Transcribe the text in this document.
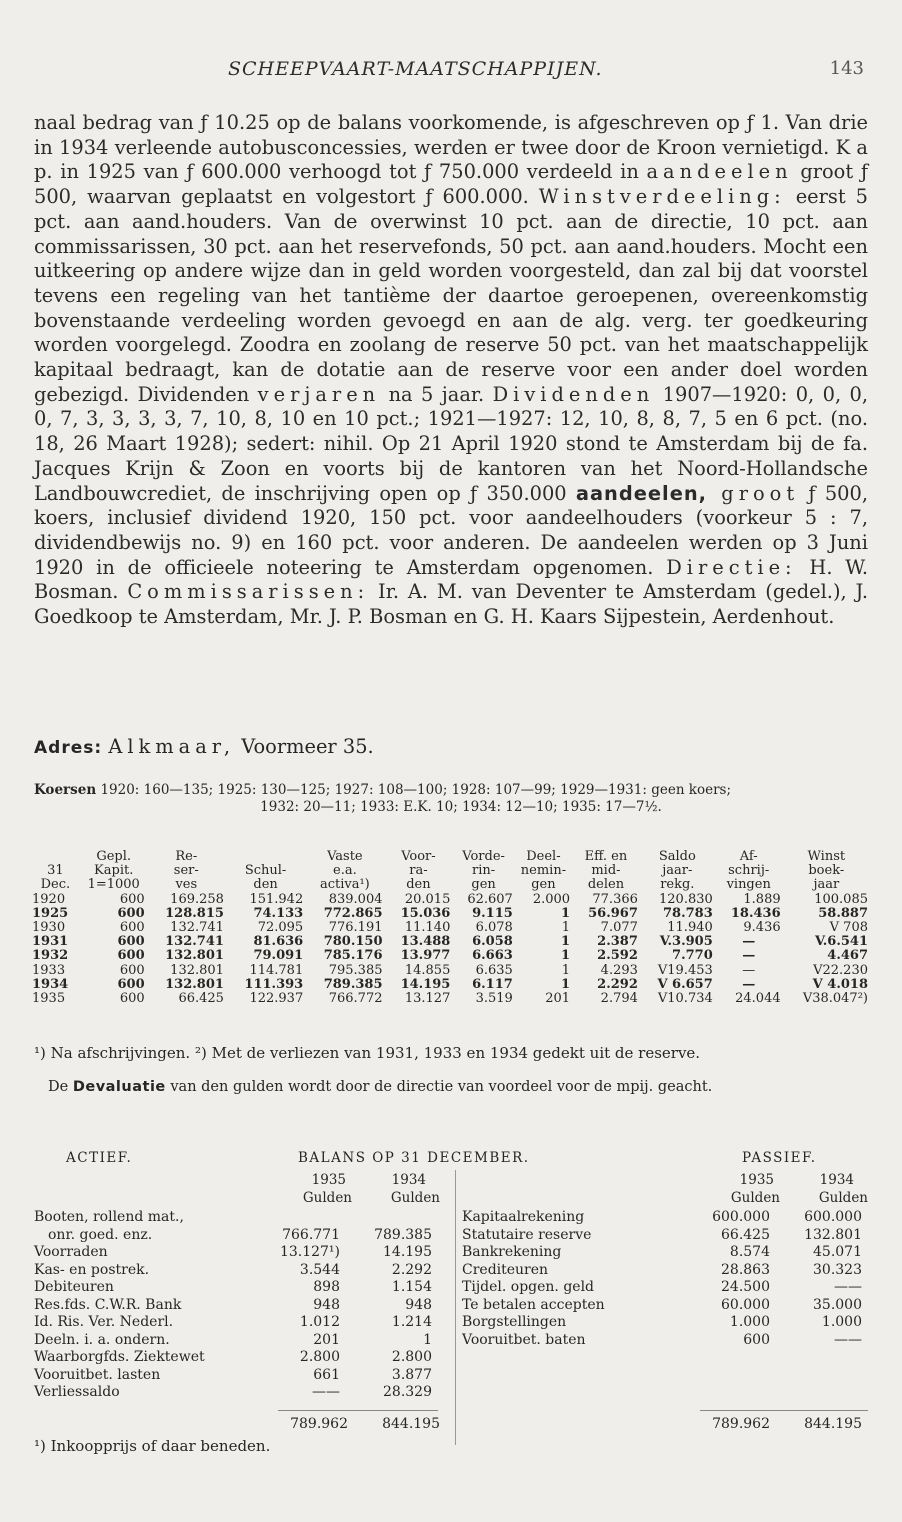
SCHEEPVAART-MAATSCHAPPIJEN.	143

naal bedrag van ƒ 10.25 op de balans voorkomende, is afgeschreven op ƒ 1. Van drie in 1934 verleende autobusconcessies, werden er twee door de Kroon vernietigd. K a p. in 1925 van ƒ 600.000 verhoogd tot ƒ 750.000 verdeeld in aandeelen groot ƒ 500, waarvan geplaatst en volgestort ƒ 600.000. Winstverdeeling: eerst 5 pct. aan aand.houders. Van de overwinst 10 pct. aan de directie, 10 pct. aan commissarissen, 30 pct. aan het reservefonds, 50 pct. aan aand.houders. Mocht een uitkeering op andere wijze dan in geld worden voorgesteld, dan zal bij dat voorstel tevens een regeling van het tantième der daartoe geroepenen, overeenkomstig bovenstaande verdeeling worden gevoegd en aan de alg. verg. ter goedkeuring worden voorgelegd. Zoodra en zoolang de reserve 50 pct. van het maatschappelijk kapitaal bedraagt, kan de dotatie aan de reserve voor een ander doel worden gebezigd. Dividenden verjaren na 5 jaar. Dividenden 1907—1920: 0, 0, 0, 0, 7, 3, 3, 3, 3, 7, 10, 8, 10 en 10 pct.; 1921—1927: 12, 10, 8, 8, 7, 5 en 6 pct. (no. 18, 26 Maart 1928); sedert: nihil. Op 21 April 1920 stond te Amsterdam bij de fa. Jacques Krijn & Zoon en voorts bij de kantoren van het Noord-Hollandsche Landbouwcrediet, de inschrijving open op ƒ 350.000 aandeelen, groot ƒ 500, koers, inclusief dividend 1920, 150 pct. voor aandeelhouders (voorkeur 5 : 7, dividendbewijs no. 9) en 160 pct. voor anderen. De aandeelen werden op 3 Juni 1920 in de officieele noteering te Amsterdam opgenomen. Directie: H. W. Bosman. Commissarissen: Ir. A. M. van Deventer te Amsterdam (gedel.), J. Goedkoop te Amsterdam, Mr. J. P. Bosman en G. H. Kaars Sijpestein, Aerdenhout.

Adres: Alkmaar, Voormeer 35.
Koersen 1920: 160—135; 1925: 130—125; 1927: 108—100; 1928: 107—99; 1929—1931: geen koers;
1932: 20—11; 1933: E.K. 10; 1934: 12—10; 1935: 17—7½.
	Gepl.	Re-		Vaste	Voor-	Vorde-	Deel-	Eff. en	Saldo	Af-	Winst
31	Kapit.	ser-	Schul-	e.a.	ra-	rin-	nemin-	mid-	jaar-	schrij-	boek-
Dec.	1=1000	ves	den	activa¹)	den	gen	gen	delen	rekg.	vingen	jaar
1920	600	169.258	151.942	839.004	20.015	62.607	2.000	77.366	120.830	1.889	100.085
1925	600	128.815	74.133	772.865	15.036	9.115	1	56.967	78.783	18.436	58.887
1930	600	132.741	72.095	776.191	11.140	6.078	1	7.077	11.940	9.436	V 708
1931	600	132.741	81.636	780.150	13.488	6.058	1	2.387	V.3.905	—	V.6.541
1932	600	132.801	79.091	785.176	13.977	6.663	1	2.592	7.770	—	4.467
1933	600	132.801	114.781	795.385	14.855	6.635	1	4.293	V19.453	—	V22.230
1934	600	132.801	111.393	789.385	14.195	6.117	1	2.292	V 6.657	—	V 4.018
1935	600	66.425	122.937	766.772	13.127	3.519	201	2.794	V10.734	24.044	V38.047²)
¹) Na afschrijvingen. ²) Met de verliezen van 1931, 1933 en 1934 gedekt uit de reserve.
De Devaluatie van den gulden wordt door de directie van voordeel voor de mpij. geacht.
ACTIEF.	BALANS OP 31 DECEMBER.	PASSIEF.
1935	1934
Gulden	Gulden
1935	1934
Gulden	Gulden
Booten, rollend mat.,
onr. goed. enz.	766.771 789.385
Voorraden	13.127¹)	14.195
Kas- en postrek.	3.544	2.292
Debiteuren	898	1.154
Res.fds. C.W.R. Bank	948	948
Id. Ris. Ver. Nederl.	1.012	1.214
Deeln. i. a. ondern.	201	1
Waarborgfds. Ziektewet	2.800	2.800
Vooruitbet. lasten	661	3.877
Verliessaldo	——	28.329
Kapitaalrekening	600.000 600.000
Statutaire reserve	66.425 132.801
Bankrekening	8.574	45.071
Crediteuren	28.863	30.323
Tijdel. opgen. geld	24.500	——
Te betalen accepten	60.000	35.000
Borgstellingen	1.000	1.000
Vooruitbet. baten	600	——
789.962 844.195	789.962 844.195
¹) Inkoopprijs of daar beneden.
